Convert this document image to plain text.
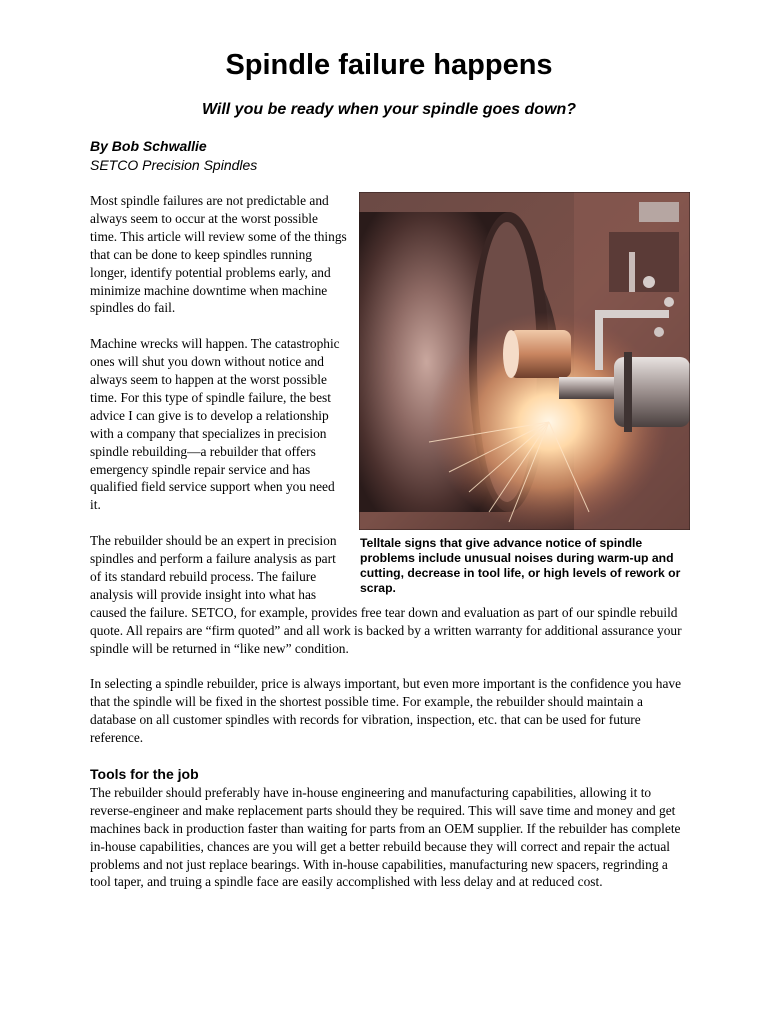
Spindle failure happens

Will you be ready when your spindle goes down?

By Bob Schwallie
SETCO Precision Spindles
Telltale signs that give advance notice of spindle problems include unusual noises during warm-up and cutting, decrease in tool life, or high levels of rework or scrap.

Most spindle failures are not predictable and always seem to occur at the worst possible time. This article will review some of the things that can be done to keep spindles running longer, identify potential problems early, and minimize machine downtime when machine spindles do fail.

Machine wrecks will happen. The catastrophic ones will shut you down without notice and always seem to happen at the worst possible time. For this type of spindle failure, the best advice I can give is to develop a relationship with a company that specializes in precision spindle rebuilding—a rebuilder that offers emergency spindle repair service and has qualified field service support when you need it.

The rebuilder should be an expert in precision spindles and perform a failure analysis as part of its standard rebuild process. The failure analysis will provide insight into what has caused the failure. SETCO, for example, provides free tear down and evaluation as part of our spindle rebuild quote. All repairs are “firm quoted” and all work is backed by a written warranty for additional assurance your spindle will be returned in “like new” condition.

In selecting a spindle rebuilder, price is always important, but even more important is the confidence you have that the spindle will be fixed in the shortest possible time. For example, the rebuilder should maintain a database on all customer spindles with records for vibration, inspection, etc. that can be used for future reference.

Tools for the job

The rebuilder should preferably have in-house engineering and manufacturing capabilities, allowing it to reverse-engineer and make replacement parts should they be required. This will save time and money and get machines back in production faster than waiting for parts from an OEM supplier. If the rebuilder has complete in-house capabilities, chances are you will get a better rebuild because they will correct and repair the actual problems and not just replace bearings. With in-house capabilities, manufacturing new spacers, regrinding a tool taper, and truing a spindle face are easily accomplished with less delay and at reduced cost.
